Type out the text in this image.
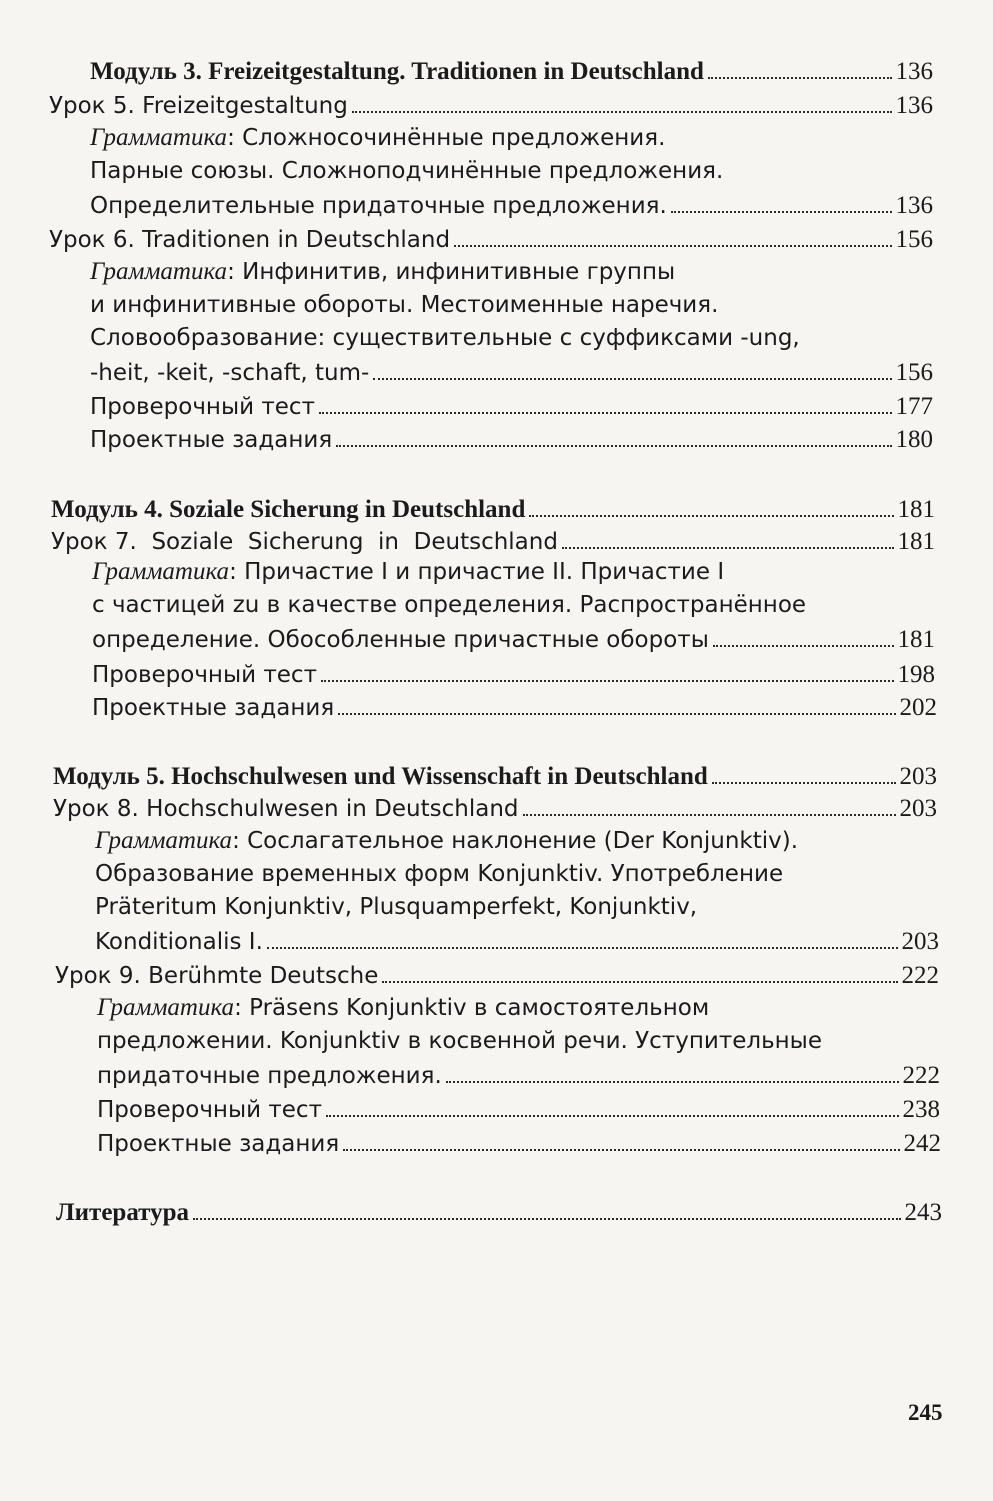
Модуль 3. Freizeitgestaltung. Traditionen in Deutschland	136
Урок 5. Freizeitgestaltung	136
Грамматика: Сложносочинённые предложения.
Парные союзы. Сложноподчинённые предложения.
Определительные придаточные предложения.	136
Урок 6. Traditionen in Deutschland	156
Грамматика: Инфинитив, инфинитивные группы
и инфинитивные обороты. Местоименные наречия.
Словообразование: существительные с суффиксами -ung,
-heit, -keit, -schaft, tum-	156
Проверочный тест	177
Проектные задания	180
Модуль 4. Soziale Sicherung in Deutschland	181
Урок 7.  Soziale  Sicherung  in  Deutschland	181
Грамматика: Причастие I и причастие II. Причастие I
с частицей zu в качестве определения. Распространённое
определение. Обособленные причастные обороты	181
Проверочный тест	198
Проектные задания	202
Модуль 5. Hochschulwesen und Wissenschaft in Deutschland	203
Урок 8. Hochschulwesen in Deutschland	203
Грамматика: Сослагательное наклонение (Der Konjunktiv).
Образование временных форм Konjunktiv. Употребление
Präteritum Konjunktiv, Plusquamperfekt, Konjunktiv,
Konditionalis I.	203
Урок 9. Berühmte Deutsche	222
Грамматика: Präsens Konjunktiv в самостоятельном
предложении. Konjunktiv в косвенной речи. Уступительные
придаточные предложения.	222
Проверочный тест	238
Проектные задания	242
Литература	243
245
